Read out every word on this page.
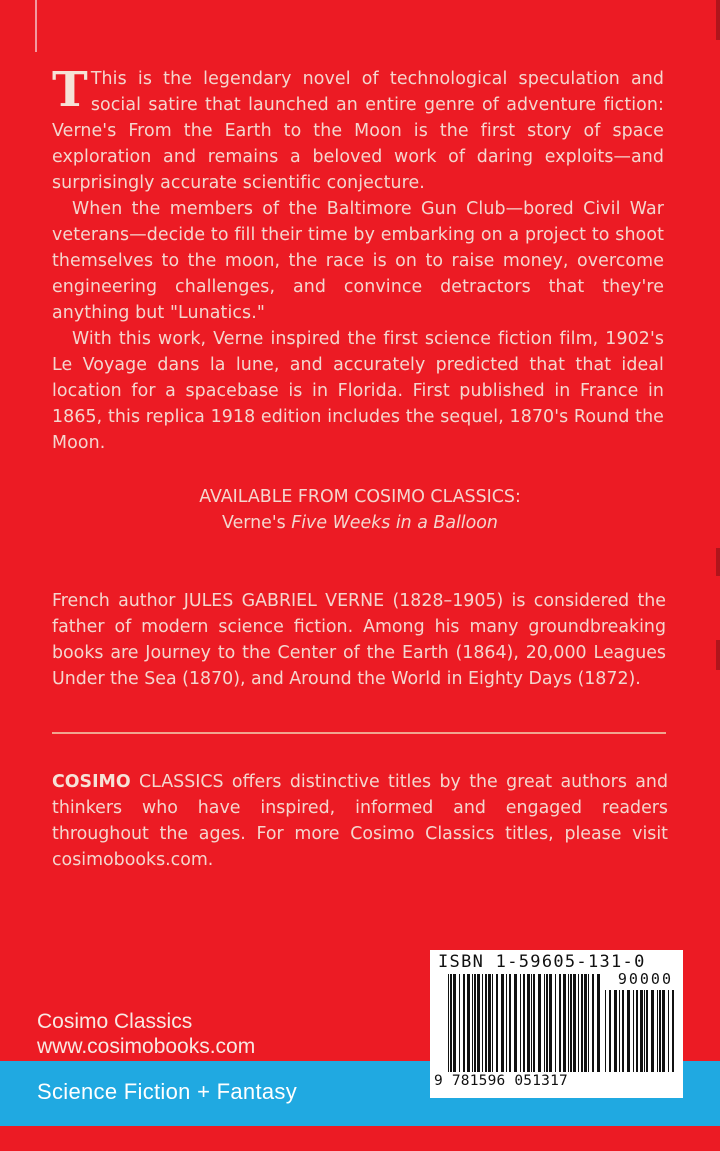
T This is the legendary novel of technological speculation and social satire that launched an entire genre of adventure fiction: Verne's From the Earth to the Moon is the first story of space exploration and remains a beloved work of daring exploits—and surprisingly accurate scientific conjecture.

When the members of the Baltimore Gun Club—bored Civil War veterans—decide to fill their time by embarking on a project to shoot themselves to the moon, the race is on to raise money, overcome engineering challenges, and convince detractors that they're anything but "Lunatics."

With this work, Verne inspired the first science fiction film, 1902's Le Voyage dans la lune, and accurately predicted that that ideal location for a spacebase is in Florida. First published in France in 1865, this replica 1918 edition includes the sequel, 1870's Round the Moon.

AVAILABLE FROM COSIMO CLASSICS:
Verne's Five Weeks in a Balloon
French author JULES GABRIEL VERNE (1828–1905) is considered the father of modern science fiction. Among his many groundbreaking books are Journey to the Center of the Earth (1864), 20,000 Leagues Under the Sea (1870), and Around the World in Eighty Days (1872).
COSIMO CLASSICS offers distinctive titles by the great authors and thinkers who have inspired, informed and engaged readers throughout the ages. For more Cosimo Classics titles, please visit cosimobooks.com.
Cosimo Classics
www.cosimobooks.com
Science Fiction + Fantasy
ISBN 1-59605-131-0
90000
9 781596 051317
